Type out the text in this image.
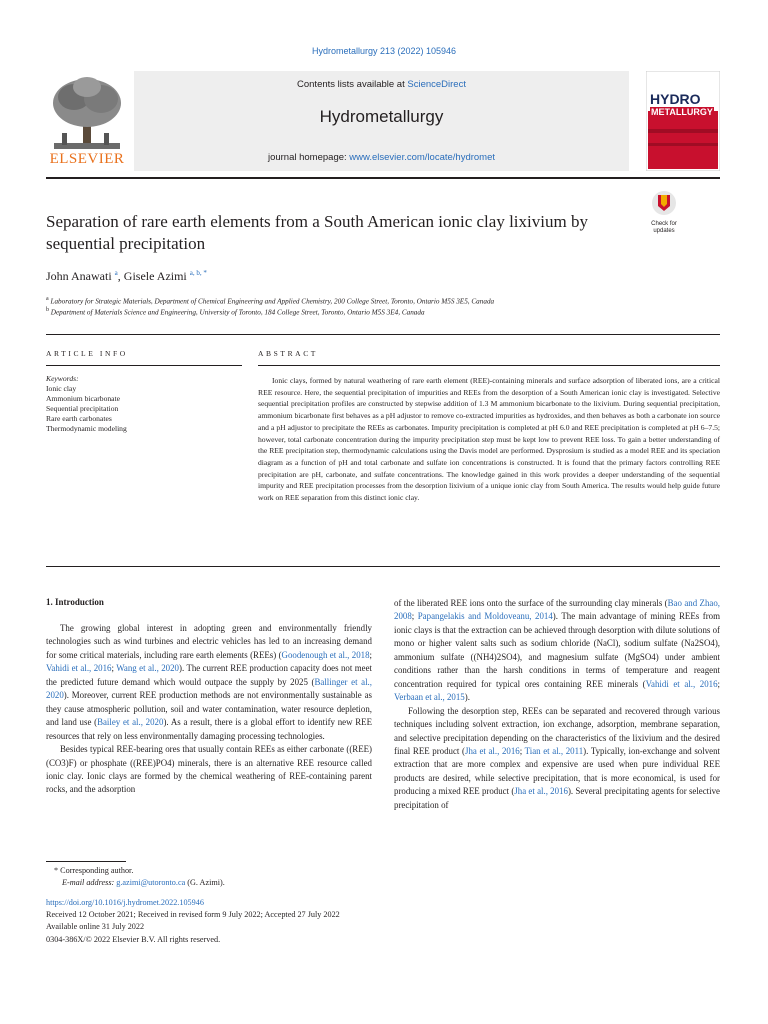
Hydrometallurgy 213 (2022) 105946
ELSEVIER
Contents lists available at ScienceDirect
Hydrometallurgy
journal homepage: www.elsevier.com/locate/hydromet
HYDRO
METALLURGY
Separation of rare earth elements from a South American ionic clay lixivium by sequential precipitation
Check for
updates
John Anawati $^a$, Gisele Azimi $^{a, b, *}$
$^a$ Laboratory for Strategic Materials, Department of Chemical Engineering and Applied Chemistry, 200 College Street, Toronto, Ontario M5S 3E5, Canada
$^b$ Department of Materials Science and Engineering, University of Toronto, 184 College Street, Toronto, Ontario M5S 3E4, Canada
ARTICLE INFO	ABSTRACT
Keywords:
Ionic clay
Ammonium bicarbonate
Sequential precipitation
Rare earth carbonates
Thermodynamic modeling
Ionic clays, formed by natural weathering of rare earth element (REE)-containing minerals and surface adsorption of liberated ions, are a critical REE resource. Here, the sequential precipitation of impurities and REEs from the desorption of a South American ionic clay is investigated. Selective sequential precipitation profiles are constructed by stepwise addition of 1.3 M ammonium bicarbonate to the lixivium. During sequential precipitation, ammonium bicarbonate first behaves as a pH adjustor to remove co-extracted impurities as hydroxides, and then behaves as both a carbonate ion source and a pH adjustor to precipitate the REEs as carbonates. Impurity precipitation is completed at pH 6.0 and REE precipitation is completed at pH 6–7.5; however, total carbonate concentration during the impurity precipitation step must be kept low to prevent REE loss. To gain a better understanding of the REE precipitation step, thermodynamic calculations using the Davis model are performed. Dysprosium is studied as a model REE and its speciation diagram as a function of pH and total carbonate and sulfate ion concentrations is constructed. It is found that the primary factors controlling REE precipitation are pH, carbonate, and sulfate concentrations. The knowledge gained in this work provides a deeper understanding of the sequential impurity and REE precipitation processes from the desorption lixivium of a unique ionic clay from South America. The results would help guide future work on REE separation from this distinct ionic clay.
1. Introduction

The growing global interest in adopting green and environmentally friendly technologies such as wind turbines and electric vehicles has led to an increasing demand for some critical materials, including rare earth elements (REEs) (Goodenough et al., 2018; Vahidi et al., 2016; Wang et al., 2020). The current REE production capacity does not meet the predicted future demand which would outpace the supply by 2025 (Ballinger et al., 2020). Moreover, current REE production methods are not environmentally sustainable as they cause atmospheric pollution, soil and water contamination, water resource depletion, and land use (Bailey et al., 2020). As a result, there is a global effort to identify new REE resources that rely on less environmentally damaging processing technologies.

Besides typical REE-bearing ores that usually contain REEs as either carbonate ((REE)(CO3)F) or phosphate ((REE)PO4) minerals, there is an alternative REE resource called ionic clay. Ionic clays are formed by the chemical weathering of REE-containing parent rocks, and the adsorption

of the liberated REE ions onto the surface of the surrounding clay minerals (Bao and Zhao, 2008; Papangelakis and Moldoveanu, 2014). The main advantage of mining REEs from ionic clays is that the extraction can be achieved through desorption with dilute solutions of mono or higher valent salts such as sodium chloride (NaCl), sodium sulfate (Na2SO4), ammonium sulfate ((NH4)2SO4), and magnesium sulfate (MgSO4) under ambient conditions rather than the harsh conditions in terms of temperature and reagent concentration required for typical ores containing REE minerals (Vahidi et al., 2016; Verbaan et al., 2015).

Following the desorption step, REEs can be separated and recovered through various techniques including solvent extraction, ion exchange, adsorption, membrane separation, and selective precipitation depending on the characteristics of the lixivium and the desired final REE product (Jha et al., 2016; Tian et al., 2011). Typically, ion-exchange and solvent extraction that are more complex and expensive are used when pure individual REE products are desired, while selective precipitation, that is more economical, is used for producing a mixed REE product (Jha et al., 2016). Several precipitating agents for selective precipitation of

* Corresponding author.
E-mail address: g.azimi@utoronto.ca (G. Azimi).
https://doi.org/10.1016/j.hydromet.2022.105946
Received 12 October 2021; Received in revised form 9 July 2022; Accepted 27 July 2022
Available online 31 July 2022
0304-386X/© 2022 Elsevier B.V. All rights reserved.
